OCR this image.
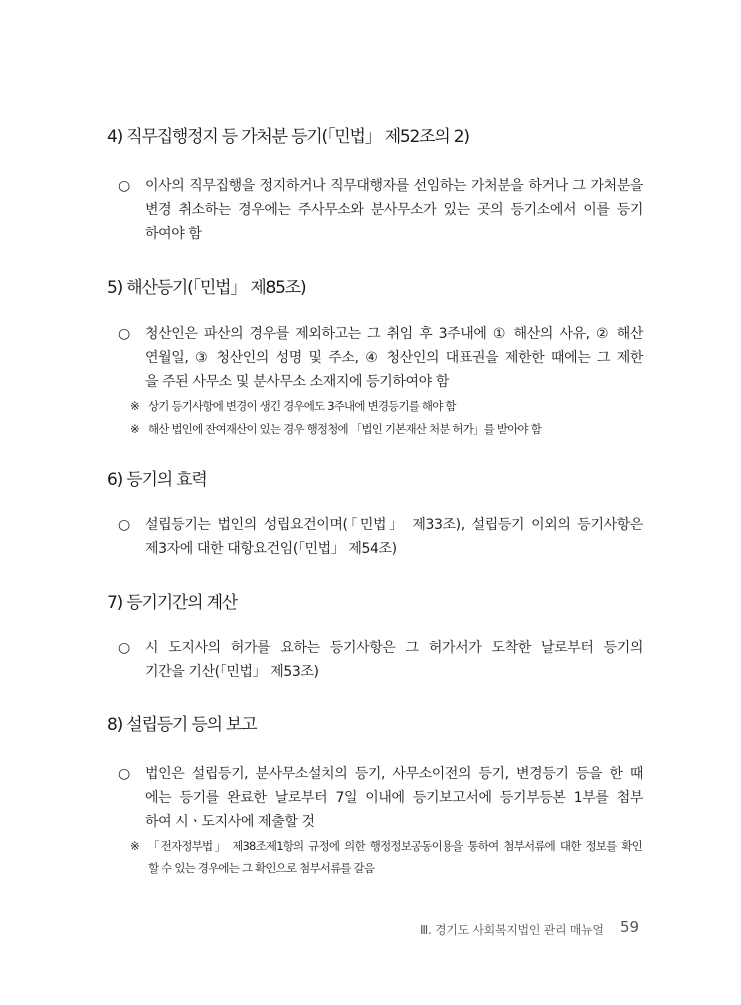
4) 직무집행정지 등 가처분 등기(「민법」 제52조의 2)
○ 이사의 직무집행을 정지하거나 직무대행자를 선임하는 가처분을 하거나 그 가처분을
변경 취소하는 경우에는 주사무소와 분사무소가 있는 곳의 등기소에서 이를 등기
하여야 함
5) 해산등기(「민법」 제85조)
○ 청산인은 파산의 경우를 제외하고는 그 취임 후 3주내에 ① 해산의 사유, ② 해산
연월일, ③ 청산인의 성명 및 주소, ④ 청산인의 대표권을 제한한 때에는 그 제한
을 주된 사무소 및 분사무소 소재지에 등기하여야 함
※ 상기 등기사항에 변경이 생긴 경우에도 3주내에 변경등기를 해야 함
※ 해산 법인에 잔여재산이 있는 경우 행정청에 「법인 기본재산 처분 허가」를 받아야 함
6) 등기의 효력
○ 설립등기는 법인의 성립요건이며(「민법」 제33조), 설립등기 이외의 등기사항은
제3자에 대한 대항요건임(「민법」 제54조)
7) 등기기간의 계산
○ 시 도지사의 허가를 요하는 등기사항은 그 허가서가 도착한 날로부터 등기의
기간을 기산(「민법」 제53조)
8) 설립등기 등의 보고
○ 법인은 설립등기, 분사무소설치의 등기, 사무소이전의 등기, 변경등기 등을 한 때
에는 등기를 완료한 날로부터 7일 이내에 등기보고서에 등기부등본 1부를 첨부
하여 시ㆍ도지사에 제출할 것
※ 「전자정부법」 제38조제1항의 규정에 의한 행정정보공동이용을 통하여 첨부서류에 대한 정보를 확인
할 수 있는 경우에는 그 확인으로 첨부서류를 갈음
Ⅲ. 경기도 사회복지법인 관리 매뉴얼 59
